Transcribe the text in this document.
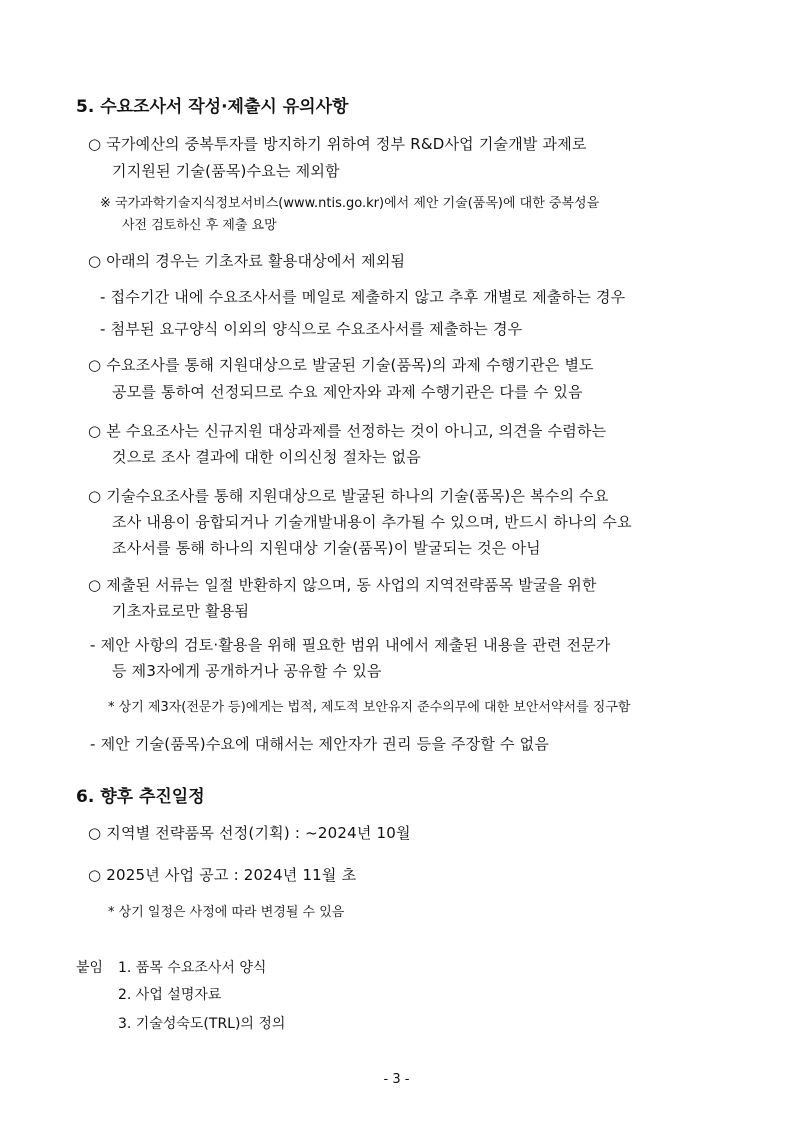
5. 수요조사서 작성·제출시 유의사항
○ 국가예산의 중복투자를 방지하기 위하여 정부 R&D사업 기술개발 과제로
기지원된 기술(품목)수요는 제외함
※ 국가과학기술지식정보서비스(www.ntis.go.kr)에서 제안 기술(품목)에 대한 중복성을
사전 검토하신 후 제출 요망
○ 아래의 경우는 기초자료 활용대상에서 제외됨
- 접수기간 내에 수요조사서를 메일로 제출하지 않고 추후 개별로 제출하는 경우
- 첨부된 요구양식 이외의 양식으로 수요조사서를 제출하는 경우
○ 수요조사를 통해 지원대상으로 발굴된 기술(품목)의 과제 수행기관은 별도
공모를 통하여 선정되므로 수요 제안자와 과제 수행기관은 다를 수 있음
○ 본 수요조사는 신규지원 대상과제를 선정하는 것이 아니고, 의견을 수렴하는
것으로 조사 결과에 대한 이의신청 절차는 없음
○ 기술수요조사를 통해 지원대상으로 발굴된 하나의 기술(품목)은 복수의 수요
조사 내용이 융합되거나 기술개발내용이 추가될 수 있으며, 반드시 하나의 수요
조사서를 통해 하나의 지원대상 기술(품목)이 발굴되는 것은 아님
○ 제출된 서류는 일절 반환하지 않으며, 동 사업의 지역전략품목 발굴을 위한
기초자료로만 활용됨
- 제안 사항의 검토·활용을 위해 필요한 범위 내에서 제출된 내용을 관련 전문가
등 제3자에게 공개하거나 공유할 수 있음
* 상기 제3자(전문가 등)에게는 법적, 제도적 보안유지 준수의무에 대한 보안서약서를 징구함
- 제안 기술(품목)수요에 대해서는 제안자가 권리 등을 주장할 수 없음
6. 향후 추진일정
○ 지역별 전략품목 선정(기획) : ~2024년 10월
○ 2025년 사업 공고 : 2024년 11월 초
* 상기 일정은 사정에 따라 변경될 수 있음
붙임 1. 품목 수요조사서 양식
2. 사업 설명자료
3. 기술성숙도(TRL)의 정의
- 3 -
